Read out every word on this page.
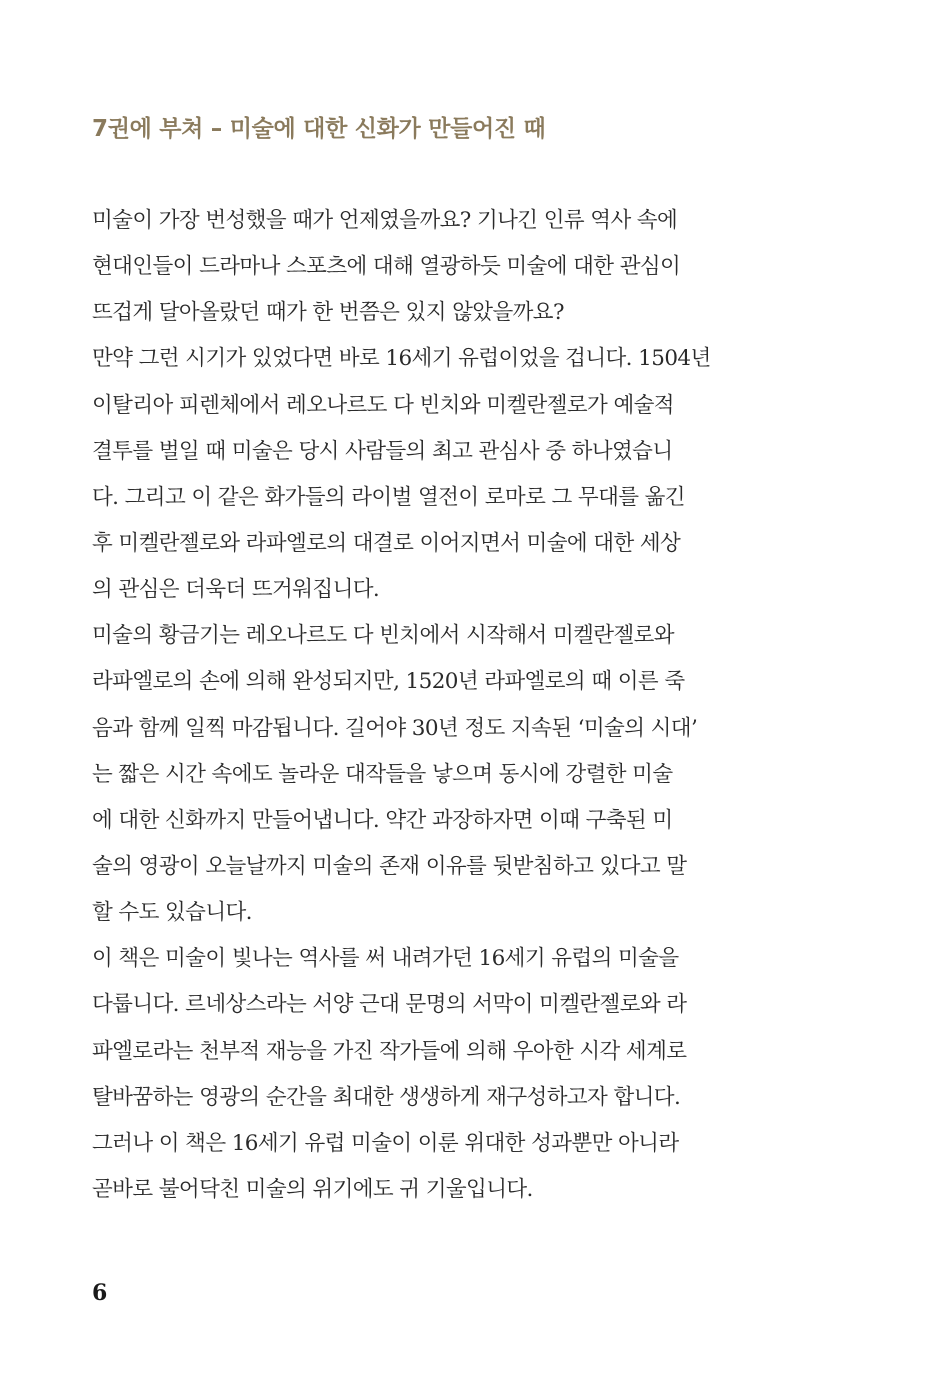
7권에 부쳐 – 미술에 대한 신화가 만들어진 때
미술이 가장 번성했을 때가 언제였을까요? 기나긴 인류 역사 속에
현대인들이 드라마나 스포츠에 대해 열광하듯 미술에 대한 관심이
뜨겁게 달아올랐던 때가 한 번쯤은 있지 않았을까요?
만약 그런 시기가 있었다면 바로 16세기 유럽이었을 겁니다. 1504년
이탈리아 피렌체에서 레오나르도 다 빈치와 미켈란젤로가 예술적
결투를 벌일 때 미술은 당시 사람들의 최고 관심사 중 하나였습니
다. 그리고 이 같은 화가들의 라이벌 열전이 로마로 그 무대를 옮긴
후 미켈란젤로와 라파엘로의 대결로 이어지면서 미술에 대한 세상
의 관심은 더욱더 뜨거워집니다.
미술의 황금기는 레오나르도 다 빈치에서 시작해서 미켈란젤로와
라파엘로의 손에 의해 완성되지만, 1520년 라파엘로의 때 이른 죽
음과 함께 일찍 마감됩니다. 길어야 30년 정도 지속된 ‘미술의 시대’
는 짧은 시간 속에도 놀라운 대작들을 낳으며 동시에 강렬한 미술
에 대한 신화까지 만들어냅니다. 약간 과장하자면 이때 구축된 미
술의 영광이 오늘날까지 미술의 존재 이유를 뒷받침하고 있다고 말
할 수도 있습니다.
이 책은 미술이 빛나는 역사를 써 내려가던 16세기 유럽의 미술을
다룹니다. 르네상스라는 서양 근대 문명의 서막이 미켈란젤로와 라
파엘로라는 천부적 재능을 가진 작가들에 의해 우아한 시각 세계로
탈바꿈하는 영광의 순간을 최대한 생생하게 재구성하고자 합니다.
그러나 이 책은 16세기 유럽 미술이 이룬 위대한 성과뿐만 아니라
곧바로 불어닥친 미술의 위기에도 귀 기울입니다.
6
